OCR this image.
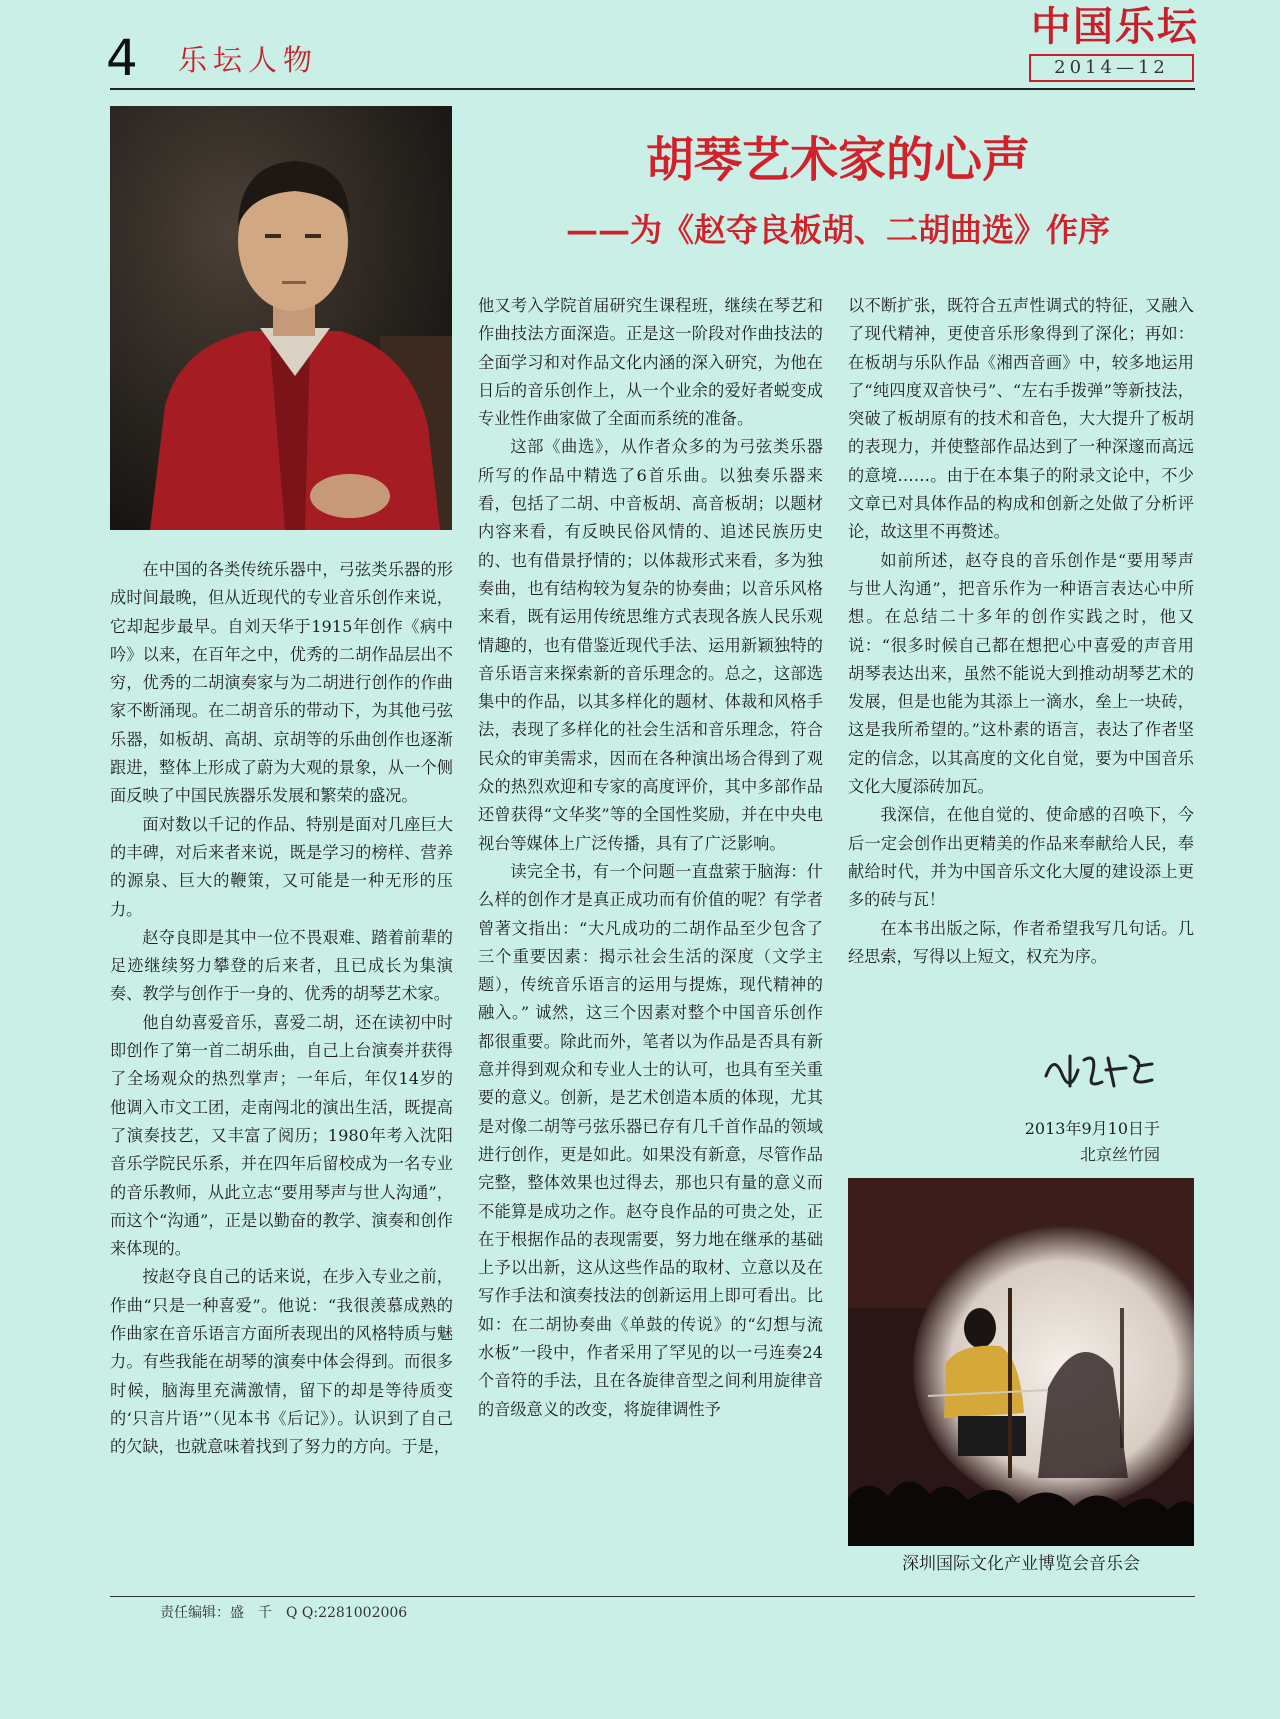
4 乐坛人物
中国乐坛
2014—12
胡琴艺术家的心声
——为《赵夺良板胡、二胡曲选》作序

在中国的各类传统乐器中，弓弦类乐器的形成时间最晚，但从近现代的专业音乐创作来说，它却起步最早。自刘天华于1915年创作《病中吟》以来，在百年之中，优秀的二胡作品层出不穷，优秀的二胡演奏家与为二胡进行创作的作曲家不断涌现。在二胡音乐的带动下，为其他弓弦乐器，如板胡、高胡、京胡等的乐曲创作也逐渐跟进，整体上形成了蔚为大观的景象，从一个侧面反映了中国民族器乐发展和繁荣的盛况。

面对数以千记的作品、特别是面对几座巨大的丰碑，对后来者来说，既是学习的榜样、营养的源泉、巨大的鞭策，又可能是一种无形的压力。

赵夺良即是其中一位不畏艰难、踏着前辈的足迹继续努力攀登的后来者，且已成长为集演奏、教学与创作于一身的、优秀的胡琴艺术家。

他自幼喜爱音乐，喜爱二胡，还在读初中时即创作了第一首二胡乐曲，自己上台演奏并获得了全场观众的热烈掌声；一年后，年仅14岁的他调入市文工团，走南闯北的演出生活，既提高了演奏技艺，又丰富了阅历；1980年考入沈阳音乐学院民乐系，并在四年后留校成为一名专业的音乐教师，从此立志“要用琴声与世人沟通”，而这个“沟通”，正是以勤奋的教学、演奏和创作来体现的。

按赵夺良自己的话来说，在步入专业之前，作曲“只是一种喜爱”。他说：“我很羡慕成熟的作曲家在音乐语言方面所表现出的风格特质与魅力。有些我能在胡琴的演奏中体会得到。而很多时候，脑海里充满激情，留下的却是等待质变的‘只言片语’”（见本书《后记》）。认识到了自己的欠缺，也就意味着找到了努力的方向。于是，

他又考入学院首届研究生课程班，继续在琴艺和作曲技法方面深造。正是这一阶段对作曲技法的全面学习和对作品文化内涵的深入研究，为他在日后的音乐创作上，从一个业余的爱好者蜕变成专业性作曲家做了全面而系统的准备。

这部《曲选》，从作者众多的为弓弦类乐器所写的作品中精选了6首乐曲。以独奏乐器来看，包括了二胡、中音板胡、高音板胡；以题材内容来看，有反映民俗风情的、追述民族历史的、也有借景抒情的；以体裁形式来看，多为独奏曲，也有结构较为复杂的协奏曲；以音乐风格来看，既有运用传统思维方式表现各族人民乐观情趣的，也有借鉴近现代手法、运用新颖独特的音乐语言来探索新的音乐理念的。总之，这部选集中的作品，以其多样化的题材、体裁和风格手法，表现了多样化的社会生活和音乐理念，符合民众的审美需求，因而在各种演出场合得到了观众的热烈欢迎和专家的高度评价，其中多部作品还曾获得“文华奖”等的全国性奖励，并在中央电视台等媒体上广泛传播，具有了广泛影响。

读完全书，有一个问题一直盘萦于脑海：什么样的创作才是真正成功而有价值的呢？有学者曾著文指出：“大凡成功的二胡作品至少包含了三个重要因素：揭示社会生活的深度（文学主题），传统音乐语言的运用与提炼，现代精神的融入。” 诚然，这三个因素对整个中国音乐创作都很重要。除此而外，笔者以为作品是否具有新意并得到观众和专业人士的认可，也具有至关重要的意义。创新，是艺术创造本质的体现，尤其是对像二胡等弓弦乐器已存有几千首作品的领域进行创作，更是如此。如果没有新意，尽管作品完整，整体效果也过得去，那也只有量的意义而不能算是成功之作。赵夺良作品的可贵之处，正在于根据作品的表现需要，努力地在继承的基础上予以出新，这从这些作品的取材、立意以及在写作手法和演奏技法的创新运用上即可看出。比如：在二胡协奏曲《单鼓的传说》的“幻想与流水板”一段中，作者采用了罕见的以一弓连奏24个音符的手法，且在各旋律音型之间利用旋律音的音级意义的改变，将旋律调性予

以不断扩张，既符合五声性调式的特征，又融入了现代精神，更使音乐形象得到了深化；再如：在板胡与乐队作品《湘西音画》中，较多地运用了“纯四度双音快弓”、“左右手拨弹”等新技法，突破了板胡原有的技术和音色，大大提升了板胡的表现力，并使整部作品达到了一种深邃而高远的意境……。由于在本集子的附录文论中，不少文章已对具体作品的构成和创新之处做了分析评论，故这里不再赘述。

如前所述，赵夺良的音乐创作是“要用琴声与世人沟通”，把音乐作为一种语言表达心中所想。在总结二十多年的创作实践之时，他又说：“很多时候自己都在想把心中喜爱的声音用胡琴表达出来，虽然不能说大到推动胡琴艺术的发展，但是也能为其添上一滴水，垒上一块砖，这是我所希望的。”这朴素的语言，表达了作者坚定的信念，以其高度的文化自觉，要为中国音乐文化大厦添砖加瓦。

我深信，在他自觉的、使命感的召唤下，今后一定会创作出更精美的作品来奉献给人民，奉献给时代，并为中国音乐文化大厦的建设添上更多的砖与瓦！

在本书出版之际，作者希望我写几句话。几经思索，写得以上短文，权充为序。

2013年9月10日于
北京丝竹园
深圳国际文化产业博览会音乐会
责任编辑：盛　千　Q Q:2281002006
